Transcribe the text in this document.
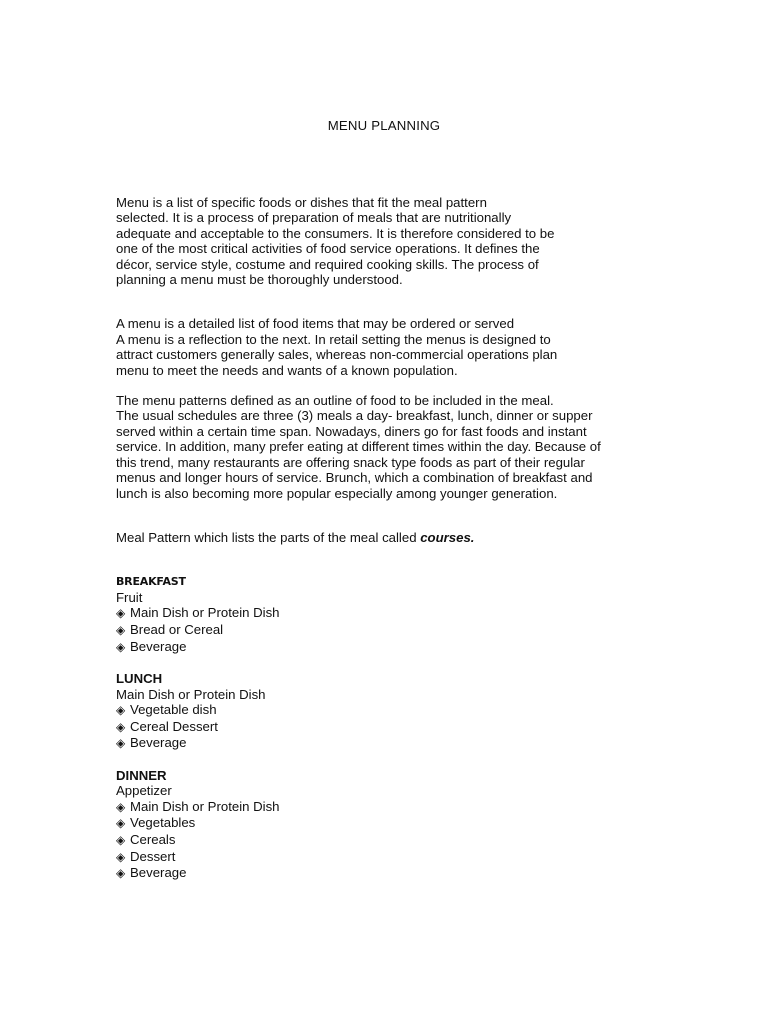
MENU PLANNING

Menu is a list of specific foods or dishes that fit the meal pattern
selected. It is a process of preparation of meals that are nutritionally
adequate and acceptable to the consumers. It is therefore considered to be
one of the most critical activities of food service operations. It defines the
décor, service style, costume and required cooking skills. The process of
planning a menu must be thoroughly understood.

A menu is a detailed list of food items that may be ordered or served
A menu is a reflection to the next. In retail setting the menus is designed to
attract customers generally sales, whereas non-commercial operations plan
menu to meet the needs and wants of a known population.

The menu patterns defined as an outline of food to be included in the meal.
The usual schedules are three (3) meals a day- breakfast, lunch, dinner or supper
served within a certain time span. Nowadays, diners go for fast foods and instant
service. In addition, many prefer eating at different times within the day. Because of
this trend, many restaurants are offering snack type foods as part of their regular
menus and longer hours of service. Brunch, which a combination of breakfast and
lunch is also becoming more popular especially among younger generation.

Meal Pattern which lists the parts of the meal called courses.

BREAKFAST
Fruit
◈ Main Dish or Protein Dish
◈ Bread or Cereal
◈ Beverage
LUNCH
Main Dish or Protein Dish
◈ Vegetable dish
◈ Cereal Dessert
◈ Beverage
DINNER
Appetizer
◈ Main Dish or Protein Dish
◈ Vegetables
◈ Cereals
◈ Dessert
◈ Beverage
